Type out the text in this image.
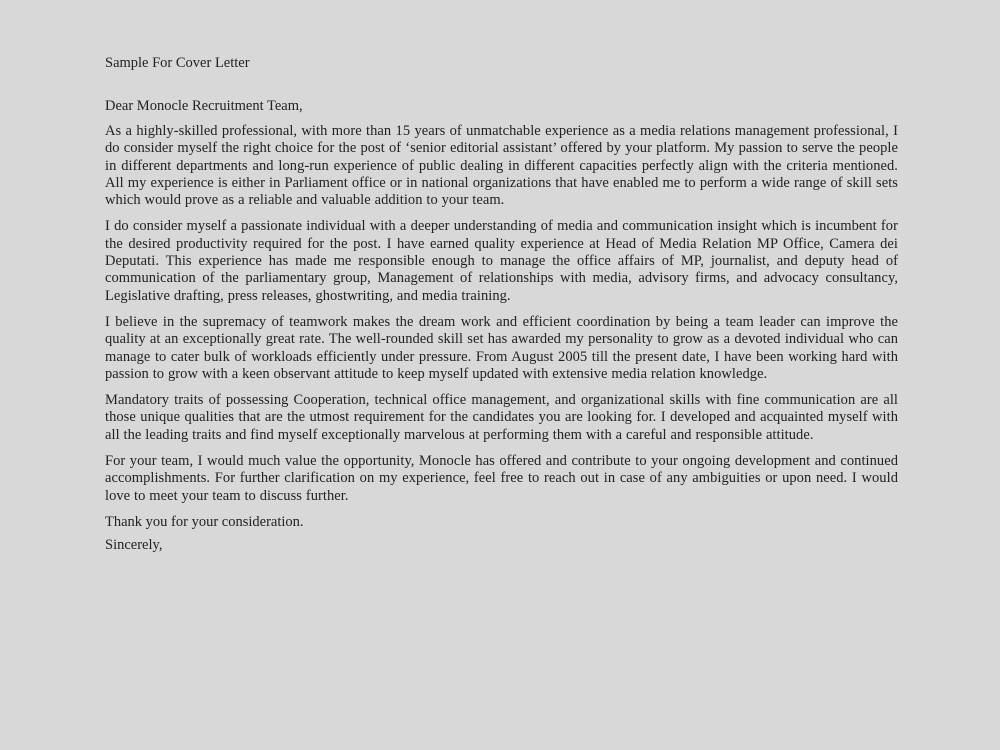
Sample For Cover Letter
Dear Monocle Recruitment Team,
As a highly-skilled professional, with more than 15 years of unmatchable experience as a media relations management professional, I do consider myself the right choice for the post of ‘senior editorial assistant’ offered by your platform. My passion to serve the people in different departments and long-run experience of public dealing in different capacities perfectly align with the criteria mentioned. All my experience is either in Parliament office or in national organizations that have enabled me to perform a wide range of skill sets which would prove as a reliable and valuable addition to your team.
I do consider myself a passionate individual with a deeper understanding of media and communication insight which is incumbent for the desired productivity required for the post. I have earned quality experience at Head of Media Relation MP Office, Camera dei Deputati. This experience has made me responsible enough to manage the office affairs of MP, journalist, and deputy head of communication of the parliamentary group, Management of relationships with media, advisory firms, and advocacy consultancy, Legislative drafting, press releases, ghostwriting, and media training.
I believe in the supremacy of teamwork makes the dream work and efficient coordination by being a team leader can improve the quality at an exceptionally great rate. The well-rounded skill set has awarded my personality to grow as a devoted individual who can manage to cater bulk of workloads efficiently under pressure. From August 2005 till the present date, I have been working hard with passion to grow with a keen observant attitude to keep myself updated with extensive media relation knowledge.
Mandatory traits of possessing Cooperation, technical office management, and organizational skills with fine communication are all those unique qualities that are the utmost requirement for the candidates you are looking for. I developed and acquainted myself with all the leading traits and find myself exceptionally marvelous at performing them with a careful and responsible attitude.
For your team, I would much value the opportunity, Monocle has offered and contribute to your ongoing development and continued accomplishments. For further clarification on my experience, feel free to reach out in case of any ambiguities or upon need. I would love to meet your team to discuss further.
Thank you for your consideration.
Sincerely,
